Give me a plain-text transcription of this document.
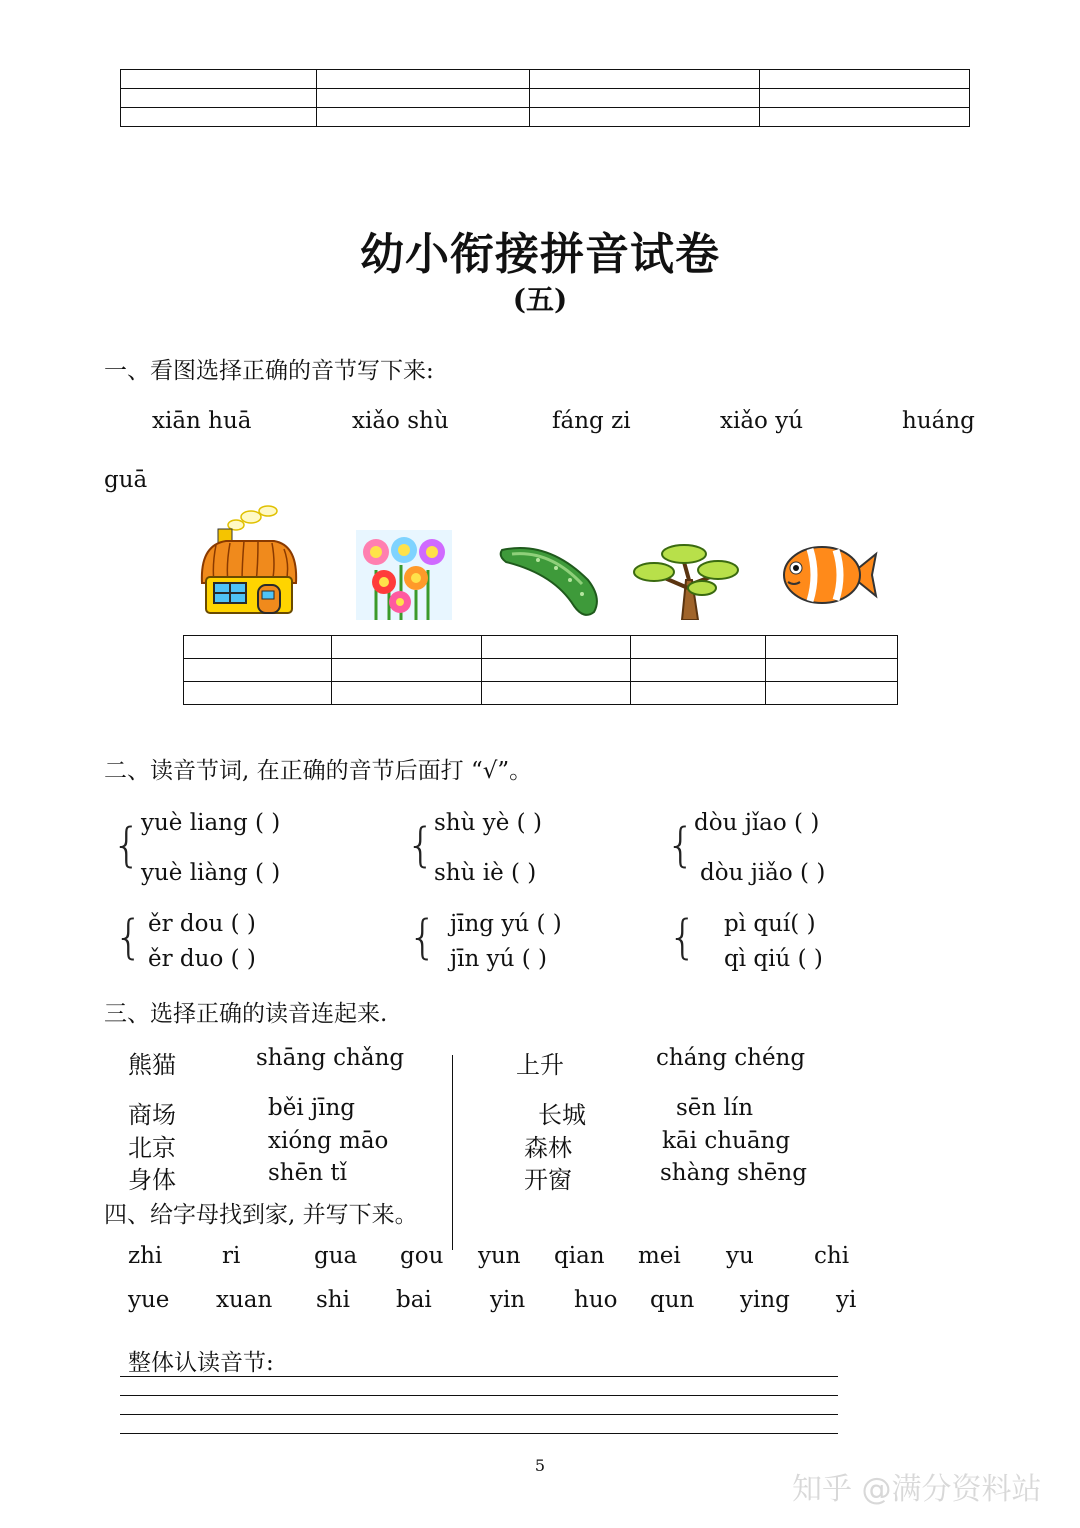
幼小衔接拼音试卷
(五)
一、看图选择正确的音节写下来:
xiān huā	xiǎo shù	fáng zi	xiǎo yú	huáng
guā

二、读音节词, 在正确的音节后面打 “√”。
{ yuè liang ( )
yuè liàng ( )
{
shù yè ( )
shù iè ( )
{
dòu jǐao ( )
dòu jiǎo ( )
{ ěr dou ( )
ěr duo ( )	{ jīng yú ( )
jīn yú ( )	{ pì quí( )
qì qiú ( )
三、选择正确的读音连起来.
熊猫	shāng chǎng
商场	běi jīng
北京	xióng māo
身体	shēn tǐ
上升	cháng chéng
长城	sēn lín
森林	kāi chuāng
开窗	shàng shēng
四、给字母找到家, 并写下来。
zhi	ri	gua gou yun qian mei yu	chi
yue xuan shi bai	yin huo qun ying yi
整体认读音节:
5
知乎 @满分资料站
